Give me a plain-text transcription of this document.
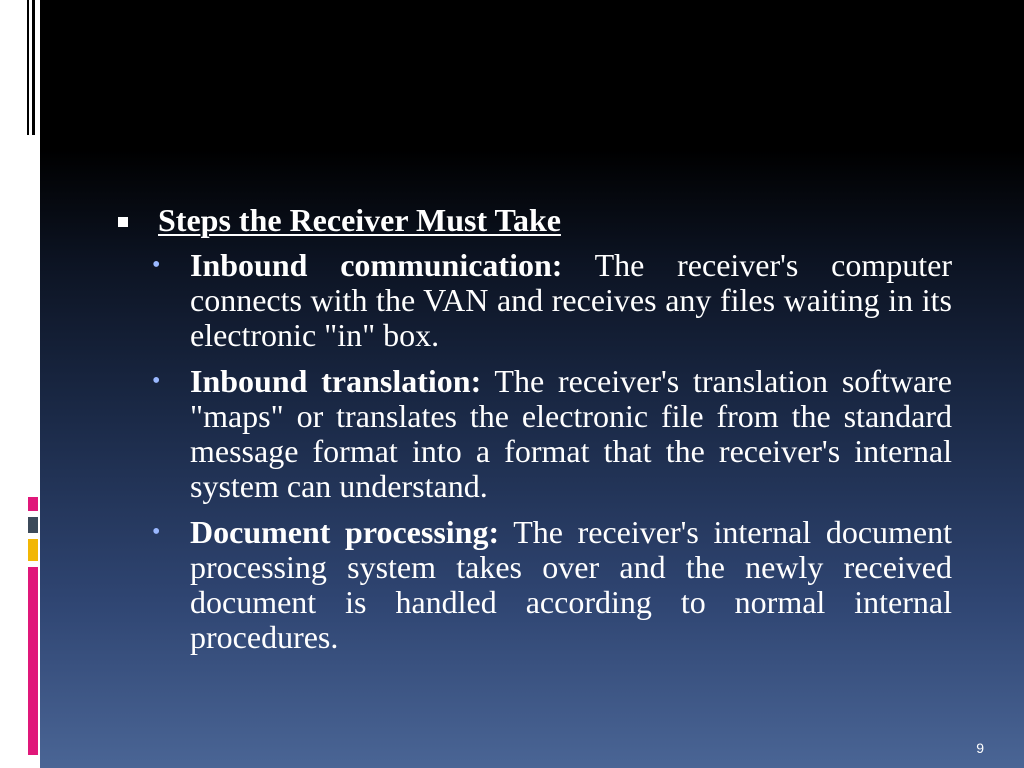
Steps the Receiver Must Take
• Inbound communication: The receiver's computer connects with the VAN and receives any files waiting in its electronic "in" box.
• Inbound translation: The receiver's translation software "maps" or translates the electronic file from the standard message format into a format that the receiver's internal system can understand.
• Document processing: The receiver's internal document processing system takes over and the newly received document is handled according to normal internal procedures.
9
